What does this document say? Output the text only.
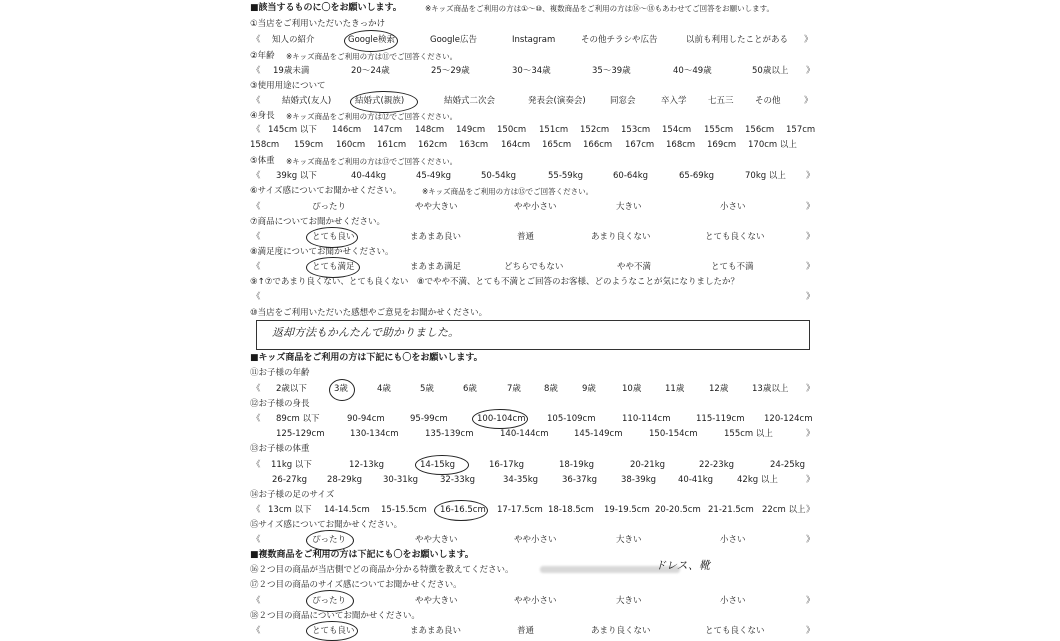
■該当するものに〇をお願いします。	※キッズ商品をご利用の方は①〜⑩、複数商品をご利用の方は⑯〜⑱もあわせてご回答をお願いします。
①当店をご利用いただいたきっかけ
《 知人の紹介	Google検索	Google広告	Instagram	その他チラシや広告	以前も利用したことがある 》
②年齢 ※キッズ商品をご利用の方は⑪でご回答ください。
《 19歳未満	20〜24歳	25〜29歳	30〜34歳	35〜39歳	40〜49歳	50歳以上 》
③使用用途について
《	結婚式(友人)	結婚式(親族)	結婚式二次会	発表会(演奏会)	同窓会	卒入学	七五三	その他	》
④身長 ※キッズ商品をご利用の方は⑫でご回答ください。
《 145cm 以下 146cm 147cm 148cm 149cm 150cm 151cm 152cm 153cm 154cm 155cm 156cm 157cm
158cm 159cm 160cm 161cm 162cm 163cm 164cm 165cm 166cm 167cm 168cm 169cm 170cm 以上
⑤体重 ※キッズ商品をご利用の方は⑬でご回答ください。
《 39kg 以下	40-44kg	45-49kg	50-54kg	55-59kg	60-64kg	65-69kg	70kg 以上 》
⑥サイズ感についてお聞かせください。	※キッズ商品をご利用の方は⑮でご回答ください。
《	ぴったり	やや大きい	やや小さい	大きい	小さい	》
⑦商品についてお聞かせください。
《	とても良い	まあまあ良い	普通	あまり良くない	とても良くない	》
⑧満足度についてお聞かせください。
《	とても満足	まあまあ満足	どちらでもない	やや不満	とても不満	》
⑨↑⑦であまり良くない、とても良くない　⑧でやや不満、とても不満とご回答のお客様、どのようなことが気になりましたか？
《	》
⑩当店をご利用いただいた感想やご意見をお聞かせください。
返却方法もかんたんで助かりました。
■キッズ商品をご利用の方は下記にも〇をお願いします。
⑪お子様の年齢
《 2歳以下	3歳	4歳	5歳	6歳	7歳	8歳	9歳	10歳	11歳	12歳	13歳以上 》
⑫お子様の身長
《 89cm 以下	90-94cm	95-99cm	100-104cm	105-109cm	110-114cm	115-119cm 120-124cm
125-129cm	130-134cm	135-139cm	140-144cm	145-149cm	150-154cm	155cm 以上	》
⑬お子様の体重
《 11kg 以下	12-13kg	14-15kg	16-17kg	18-19kg	20-21kg	22-23kg	24-25kg
26-27kg 28-29kg 30-31kg	32-33kg	34-35kg	36-37kg	38-39kg	40-41kg	42kg 以上	》
⑭お子様の足のサイズ
《 13cm 以下 14-14.5cm 15-15.5cm 16-16.5cm 17-17.5cm 18-18.5cm 19-19.5cm 20-20.5cm 21-21.5cm 22cm 以上 》
⑮サイズ感についてお聞かせください。
《	ぴったり	やや大きい	やや小さい	大きい	小さい	》
■複数商品をご利用の方は下記にも〇をお願いします。
⑯２つ目の商品が当店側でどの商品か分かる特徴を教えてください。	ドレス、靴
⑰２つ目の商品のサイズ感についてお聞かせください。
《	ぴったり	やや大きい	やや小さい	大きい	小さい	》
⑱２つ目の商品についてお聞かせください。
《	とても良い	まあまあ良い	普通	あまり良くない	とても良くない	》
